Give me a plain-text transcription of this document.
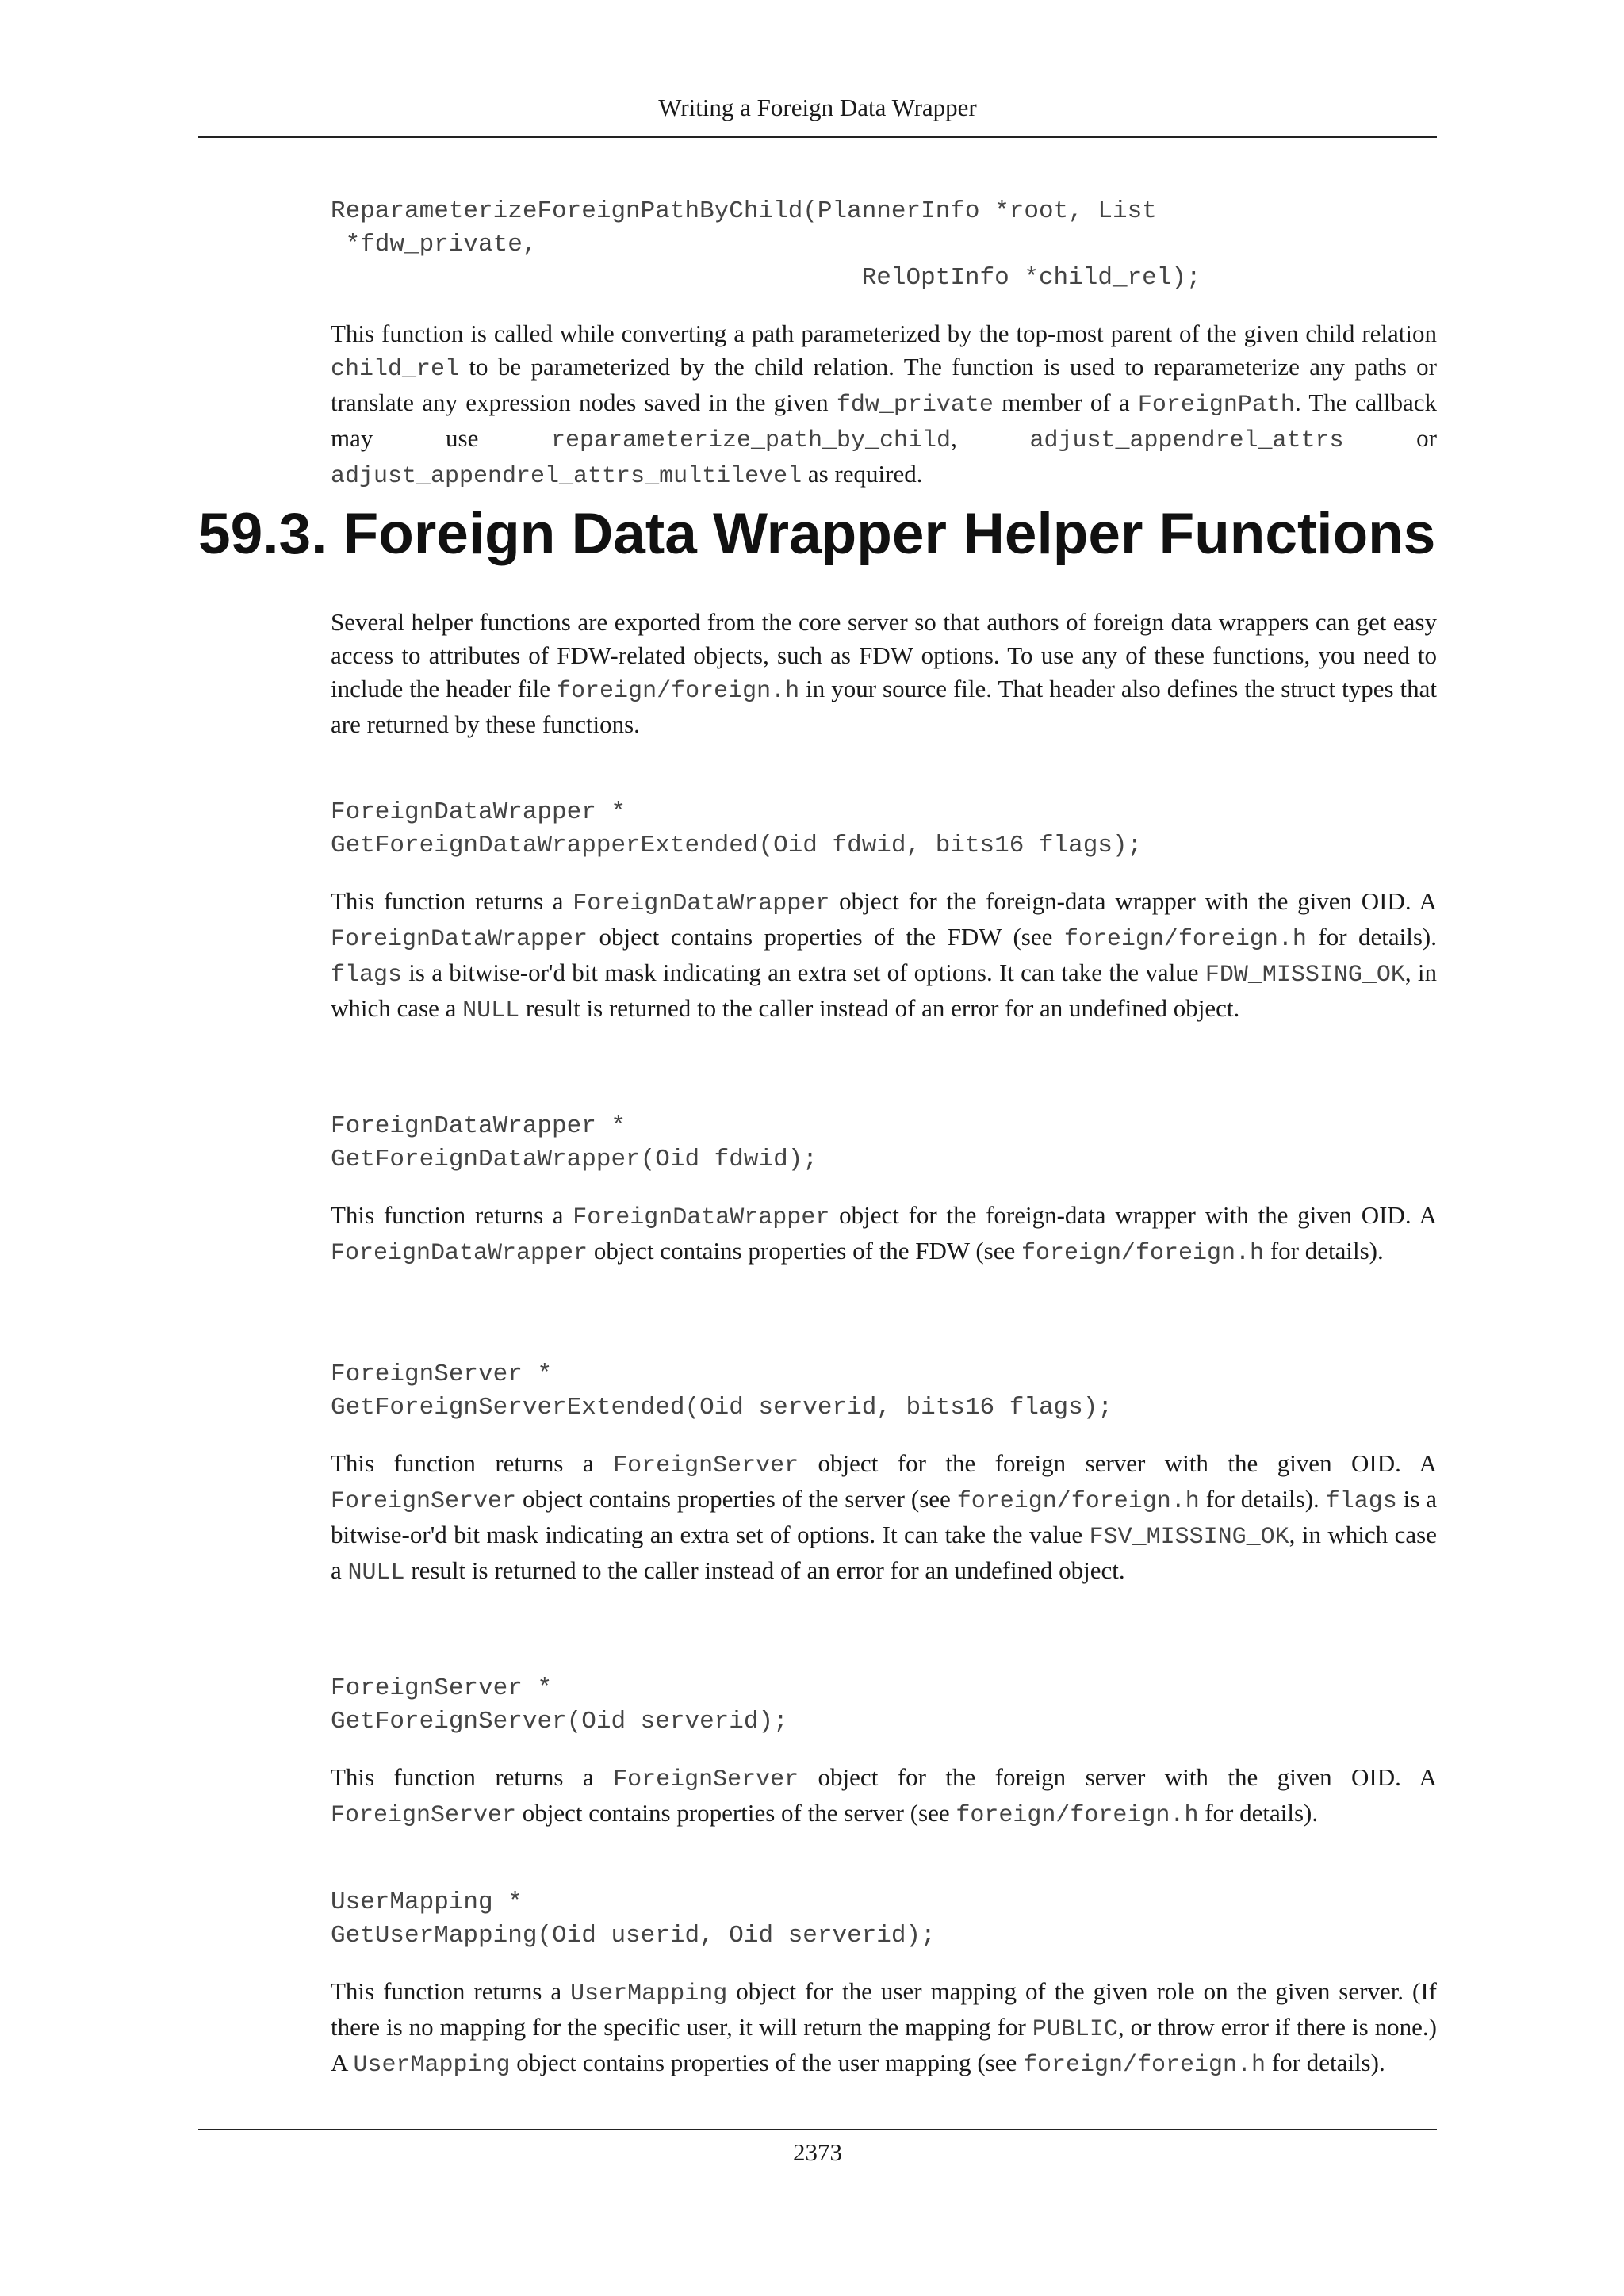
Writing a Foreign Data Wrapper
ReparameterizeForeignPathByChild(PlannerInfo *root, List
*fdw_private,
RelOptInfo *child_rel);

This function is called while converting a path parameterized by the top-most parent of the given child relation child_rel to be parameterized by the child relation. The function is used to reparameterize any paths or translate any expression nodes saved in the given fdw_private member of a ForeignPath. The callback may use reparameterize_path_by_child, adjust_appendrel_attrs or adjust_appendrel_attrs_multilevel as required.

59.3. Foreign Data Wrapper Helper Functions

Several helper functions are exported from the core server so that authors of foreign data wrappers can get easy access to attributes of FDW-related objects, such as FDW options. To use any of these functions, you need to include the header file foreign/foreign.h in your source file. That header also defines the struct types that are returned by these functions.

ForeignDataWrapper *
GetForeignDataWrapperExtended(Oid fdwid, bits16 flags);

This function returns a ForeignDataWrapper object for the foreign-data wrapper with the given OID. A ForeignDataWrapper object contains properties of the FDW (see foreign/foreign.h for details). flags is a bitwise-or'd bit mask indicating an extra set of options. It can take the value FDW_MISSING_OK, in which case a NULL result is returned to the caller instead of an error for an undefined object.

ForeignDataWrapper *
GetForeignDataWrapper(Oid fdwid);

This function returns a ForeignDataWrapper object for the foreign-data wrapper with the given OID. A ForeignDataWrapper object contains properties of the FDW (see foreign/foreign.h for details).

ForeignServer *
GetForeignServerExtended(Oid serverid, bits16 flags);

This function returns a ForeignServer object for the foreign server with the given OID. A ForeignServer object contains properties of the server (see foreign/foreign.h for details). flags is a bitwise-or'd bit mask indicating an extra set of options. It can take the value FSV_MISSING_OK, in which case a NULL result is returned to the caller instead of an error for an undefined object.

ForeignServer *
GetForeignServer(Oid serverid);

This function returns a ForeignServer object for the foreign server with the given OID. A ForeignServer object contains properties of the server (see foreign/foreign.h for details).

UserMapping *
GetUserMapping(Oid userid, Oid serverid);

This function returns a UserMapping object for the user mapping of the given role on the given server. (If there is no mapping for the specific user, it will return the mapping for PUBLIC, or throw error if there is none.) A UserMapping object contains properties of the user mapping (see foreign/foreign.h for details).

2373
